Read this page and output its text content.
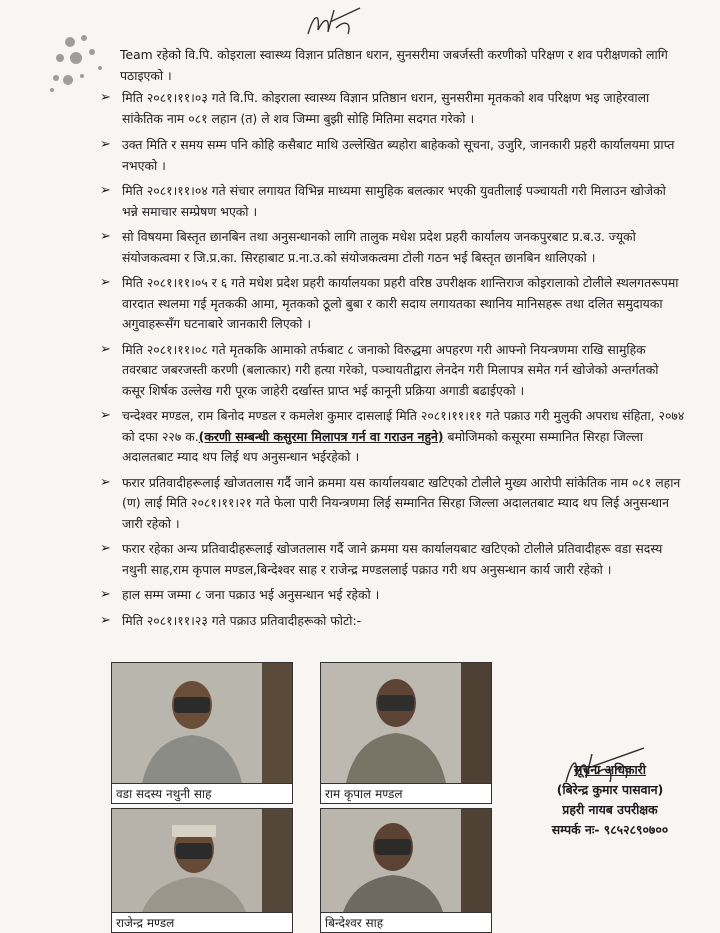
Team रहेको वि.पि. कोइराला स्वास्थ्य विज्ञान प्रतिष्ठान धरान, सुनसरीमा जबर्जस्ती करणीको परिक्षण र शव परीक्षणको लागि पठाइएको ।
➢ मिति २०८१।११।०३ गते वि.पि. कोइराला स्वास्थ्य विज्ञान प्रतिष्ठान धरान, सुनसरीमा मृतकको शव परिक्षण भइ जाहेरवाला सांकेतिक नाम ०८१ लहान (त) ले शव जिम्मा बुझी सोहि मितिमा सदगत गरेको ।
➢ उक्त मिति र समय सम्म पनि कोहि कसैबाट माथि उल्लेखित ब्यहोरा बाहेकको सूचना, उजुरि, जानकारी प्रहरी कार्यालयमा प्राप्त नभएको ।
➢ मिति २०८१।११।०४ गते संचार लगायत विभिन्न माध्यमा सामुहिक बलत्कार भएकी युवतीलाई पञ्चायती गरी मिलाउन खोजेको भन्ने समाचार सम्प्रेषण भएको ।
➢ सो विषयमा बिस्तृत छानबिन तथा अनुसन्धानको लागि तालुक मधेश प्रदेश प्रहरी कार्यालय जनकपुरबाट प्र.ब.उ. ज्यूको संयोजकत्वमा र जि.प्र.का. सिरहाबाट प्र.ना.उ.को संयोजकत्वमा टोली गठन भई बिस्तृत छानबिन थालिएको ।
➢ मिति २०८१।११।०५ र ६ गते मधेश प्रदेश प्रहरी कार्यालयका प्रहरी वरिष्ठ उपरीक्षक शान्तिराज कोइरालाको टोलीले स्थलगतरूपमा वारदात स्थलमा गई मृतककी आमा, मृतकको ठूलो बुबा र कारी सदाय लगायतका स्थानिय मानिसहरू तथा दलित समुदायका अगुवाहरूसँग घटनाबारे जानकारी लिएको ।
➢ मिति २०८१।११।०८ गते मृतककि आमाको तर्फबाट ८ जनाको विरुद्धमा अपहरण गरी आफ्नो नियन्त्रणमा राखि सामुहिक तवरबाट जबरजस्ती करणी (बलात्कार) गरी हत्या गरेको, पञ्चायतीद्वारा लेनदेन गरी मिलापत्र समेत गर्न खोजेको अन्तर्गतको कसूर शिर्षक उल्लेख गरी पूरक जाहेरी दर्खास्त प्राप्त भई कानूनी प्रक्रिया अगाडी बढाईएको ।
➢ चन्देश्वर मण्डल, राम बिनोद मण्डल र कमलेश कुमार दासलाई मिति २०८१।११।११ गते पक्राउ गरी मुलुकी अपराध संहिता, २०७४ को दफा २२७ क.(करणी सम्बन्धी कसुरमा मिलापत्र गर्न वा गराउन नहुने) बमोजिमको कसूरमा सम्मानित सिरहा जिल्ला अदालतबाट म्याद थप लिई थप अनुसन्धान भईरहेको ।
➢ फरार प्रतिवादीहरूलाई खोजतलास गर्दै जाने क्रममा यस कार्यालयबाट खटिएको टोलीले मुख्य आरोपी सांकेतिक नाम ०८१ लहान (ण) लाई मिति २०८१।११।२१ गते फेला पारी नियन्त्रणमा लिई सम्मानित सिरहा जिल्ला अदालतबाट म्याद थप लिई अनुसन्धान जारी रहेको ।
➢ फरार रहेका अन्य प्रतिवादीहरूलाई खोजतलास गर्दै जाने क्रममा यस कार्यालयबाट खटिएको टोलीले प्रतिवादीहरू वडा सदस्य नथुनी साह,राम कृपाल मण्डल,बिन्देश्वर साह र राजेन्द्र मण्डललाई पक्राउ गरी थप अनुसन्धान कार्य जारी रहेको ।
➢ हाल सम्म जम्मा ८ जना पक्राउ भई अनुसन्धान भई रहेको ।
➢ मिति २०८१।११।२३ गते पक्राउ प्रतिवादीहरूको फोटो:-
वडा सदस्य नथुनी साह	राम कृपाल मण्डल
राजेन्द्र मण्डल	बिन्देश्वर साह
सूचना अधिकारी
(बिरेन्द्र कुमार पासवान)
प्रहरी नायब उपरीक्षक
सम्पर्क नः- ९८५२८९०७००
